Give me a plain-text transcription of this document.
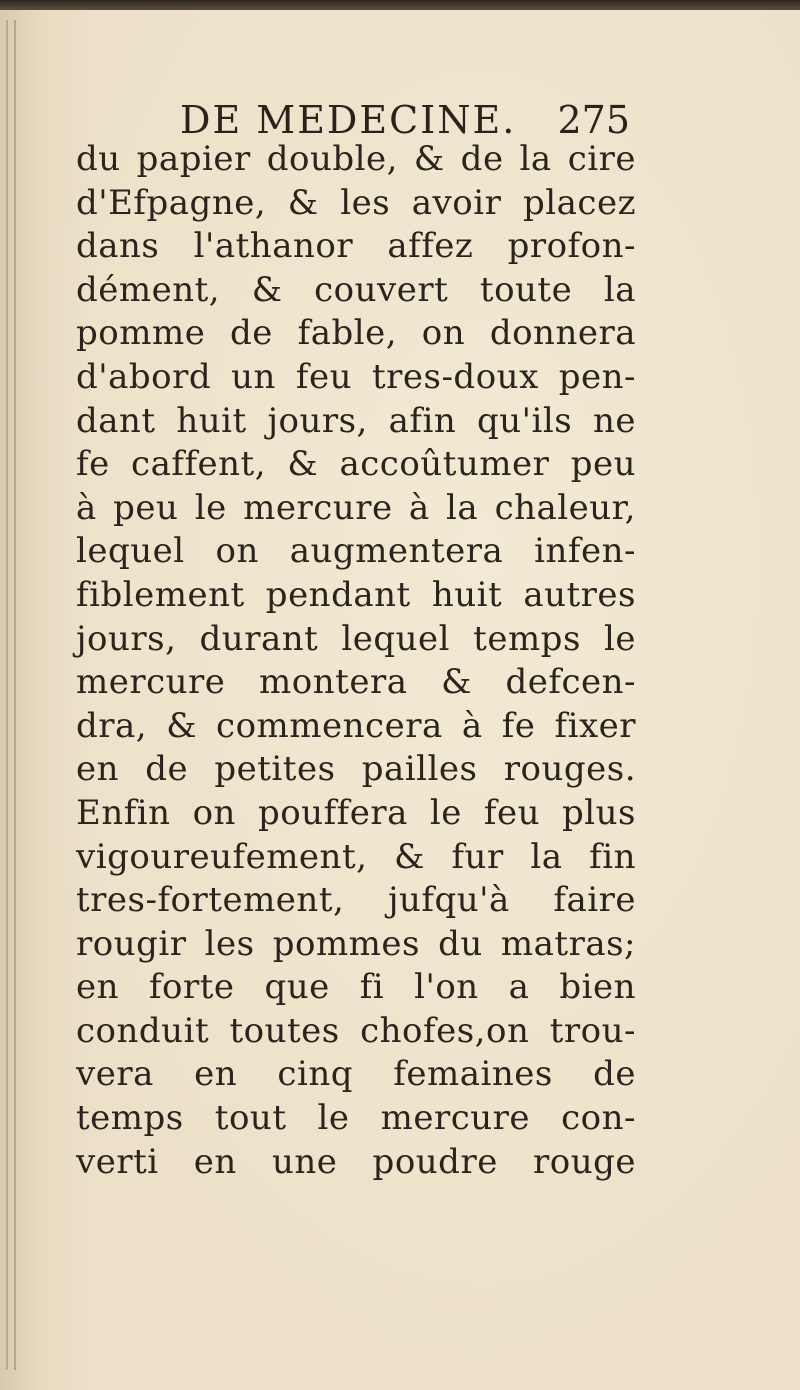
DE MEDECINE. 275
du papier double, & de la cire
d'Efpagne, & les avoir placez
dans l'athanor affez profon-
dément, & couvert toute la
pomme de fable, on donnera
d'abord un feu tres-doux pen-
dant huit jours, afin qu'ils ne
fe caffent, & accoûtumer peu
à peu le mercure à la chaleur,
lequel on augmentera infen-
fiblement pendant huit autres
jours, durant lequel temps le
mercure montera & defcen-
dra, & commencera à fe fixer
en de petites pailles rouges.
Enfin on pouffera le feu plus
vigoureufement, & fur la fin
tres-fortement, jufqu'à faire
rougir les pommes du matras;
en forte que fi l'on a bien
conduit toutes chofes,on trou-
vera en cinq femaines de
temps tout le mercure con-
verti en une poudre rouge
